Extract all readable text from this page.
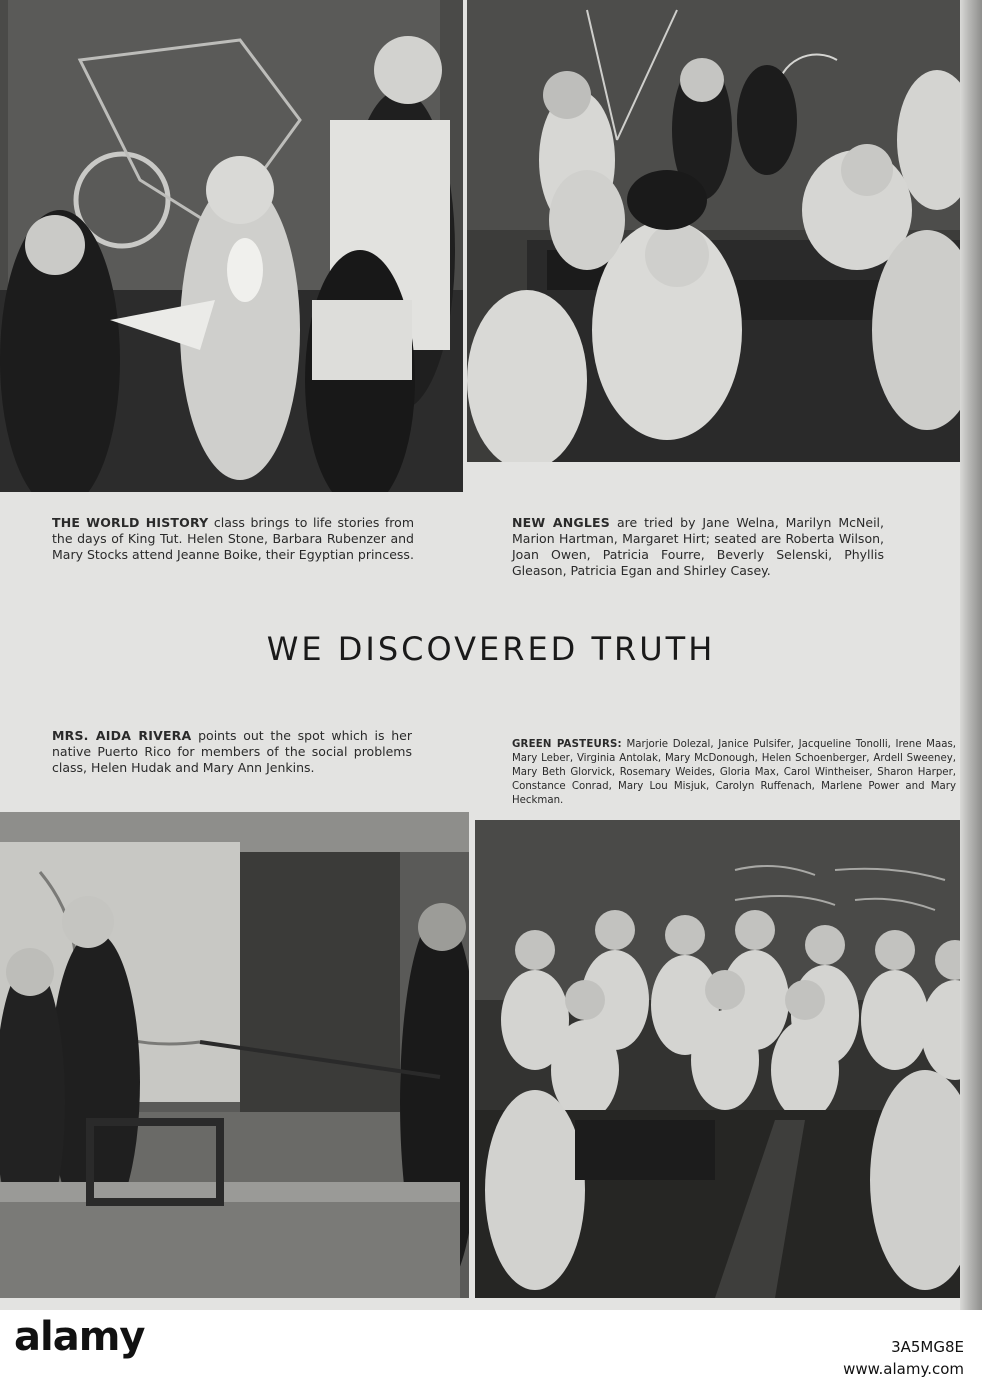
THE WORLD HISTORY class brings to life stories from the days of King Tut. Helen Stone, Barbara Rubenzer and Mary Stocks attend Jeanne Boike, their Egyptian princess.
NEW ANGLES are tried by Jane Welna, Marilyn McNeil, Marion Hartman, Margaret Hirt; seated are Roberta Wilson, Joan Owen, Patricia Fourre, Beverly Selenski, Phyllis Gleason, Patricia Egan and Shirley Casey.
WE DISCOVERED TRUTH
MRS. AIDA RIVERA points out the spot which is her native Puerto Rico for members of the social problems class, Helen Hudak and Mary Ann Jenkins.
GREEN PASTEURS: Marjorie Dolezal, Janice Pulsifer, Jacqueline Tonolli, Irene Maas, Mary Leber, Virginia Antolak, Mary McDonough, Helen Schoenberger, Ardell Sweeney, Mary Beth Glorvick, Rosemary Weides, Gloria Max, Carol Wintheiser, Sharon Harper, Constance Conrad, Mary Lou Misjuk, Carolyn Ruffenach, Marlene Power and Mary Heckman.
alamy	3A5MG8E
www.alamy.com
